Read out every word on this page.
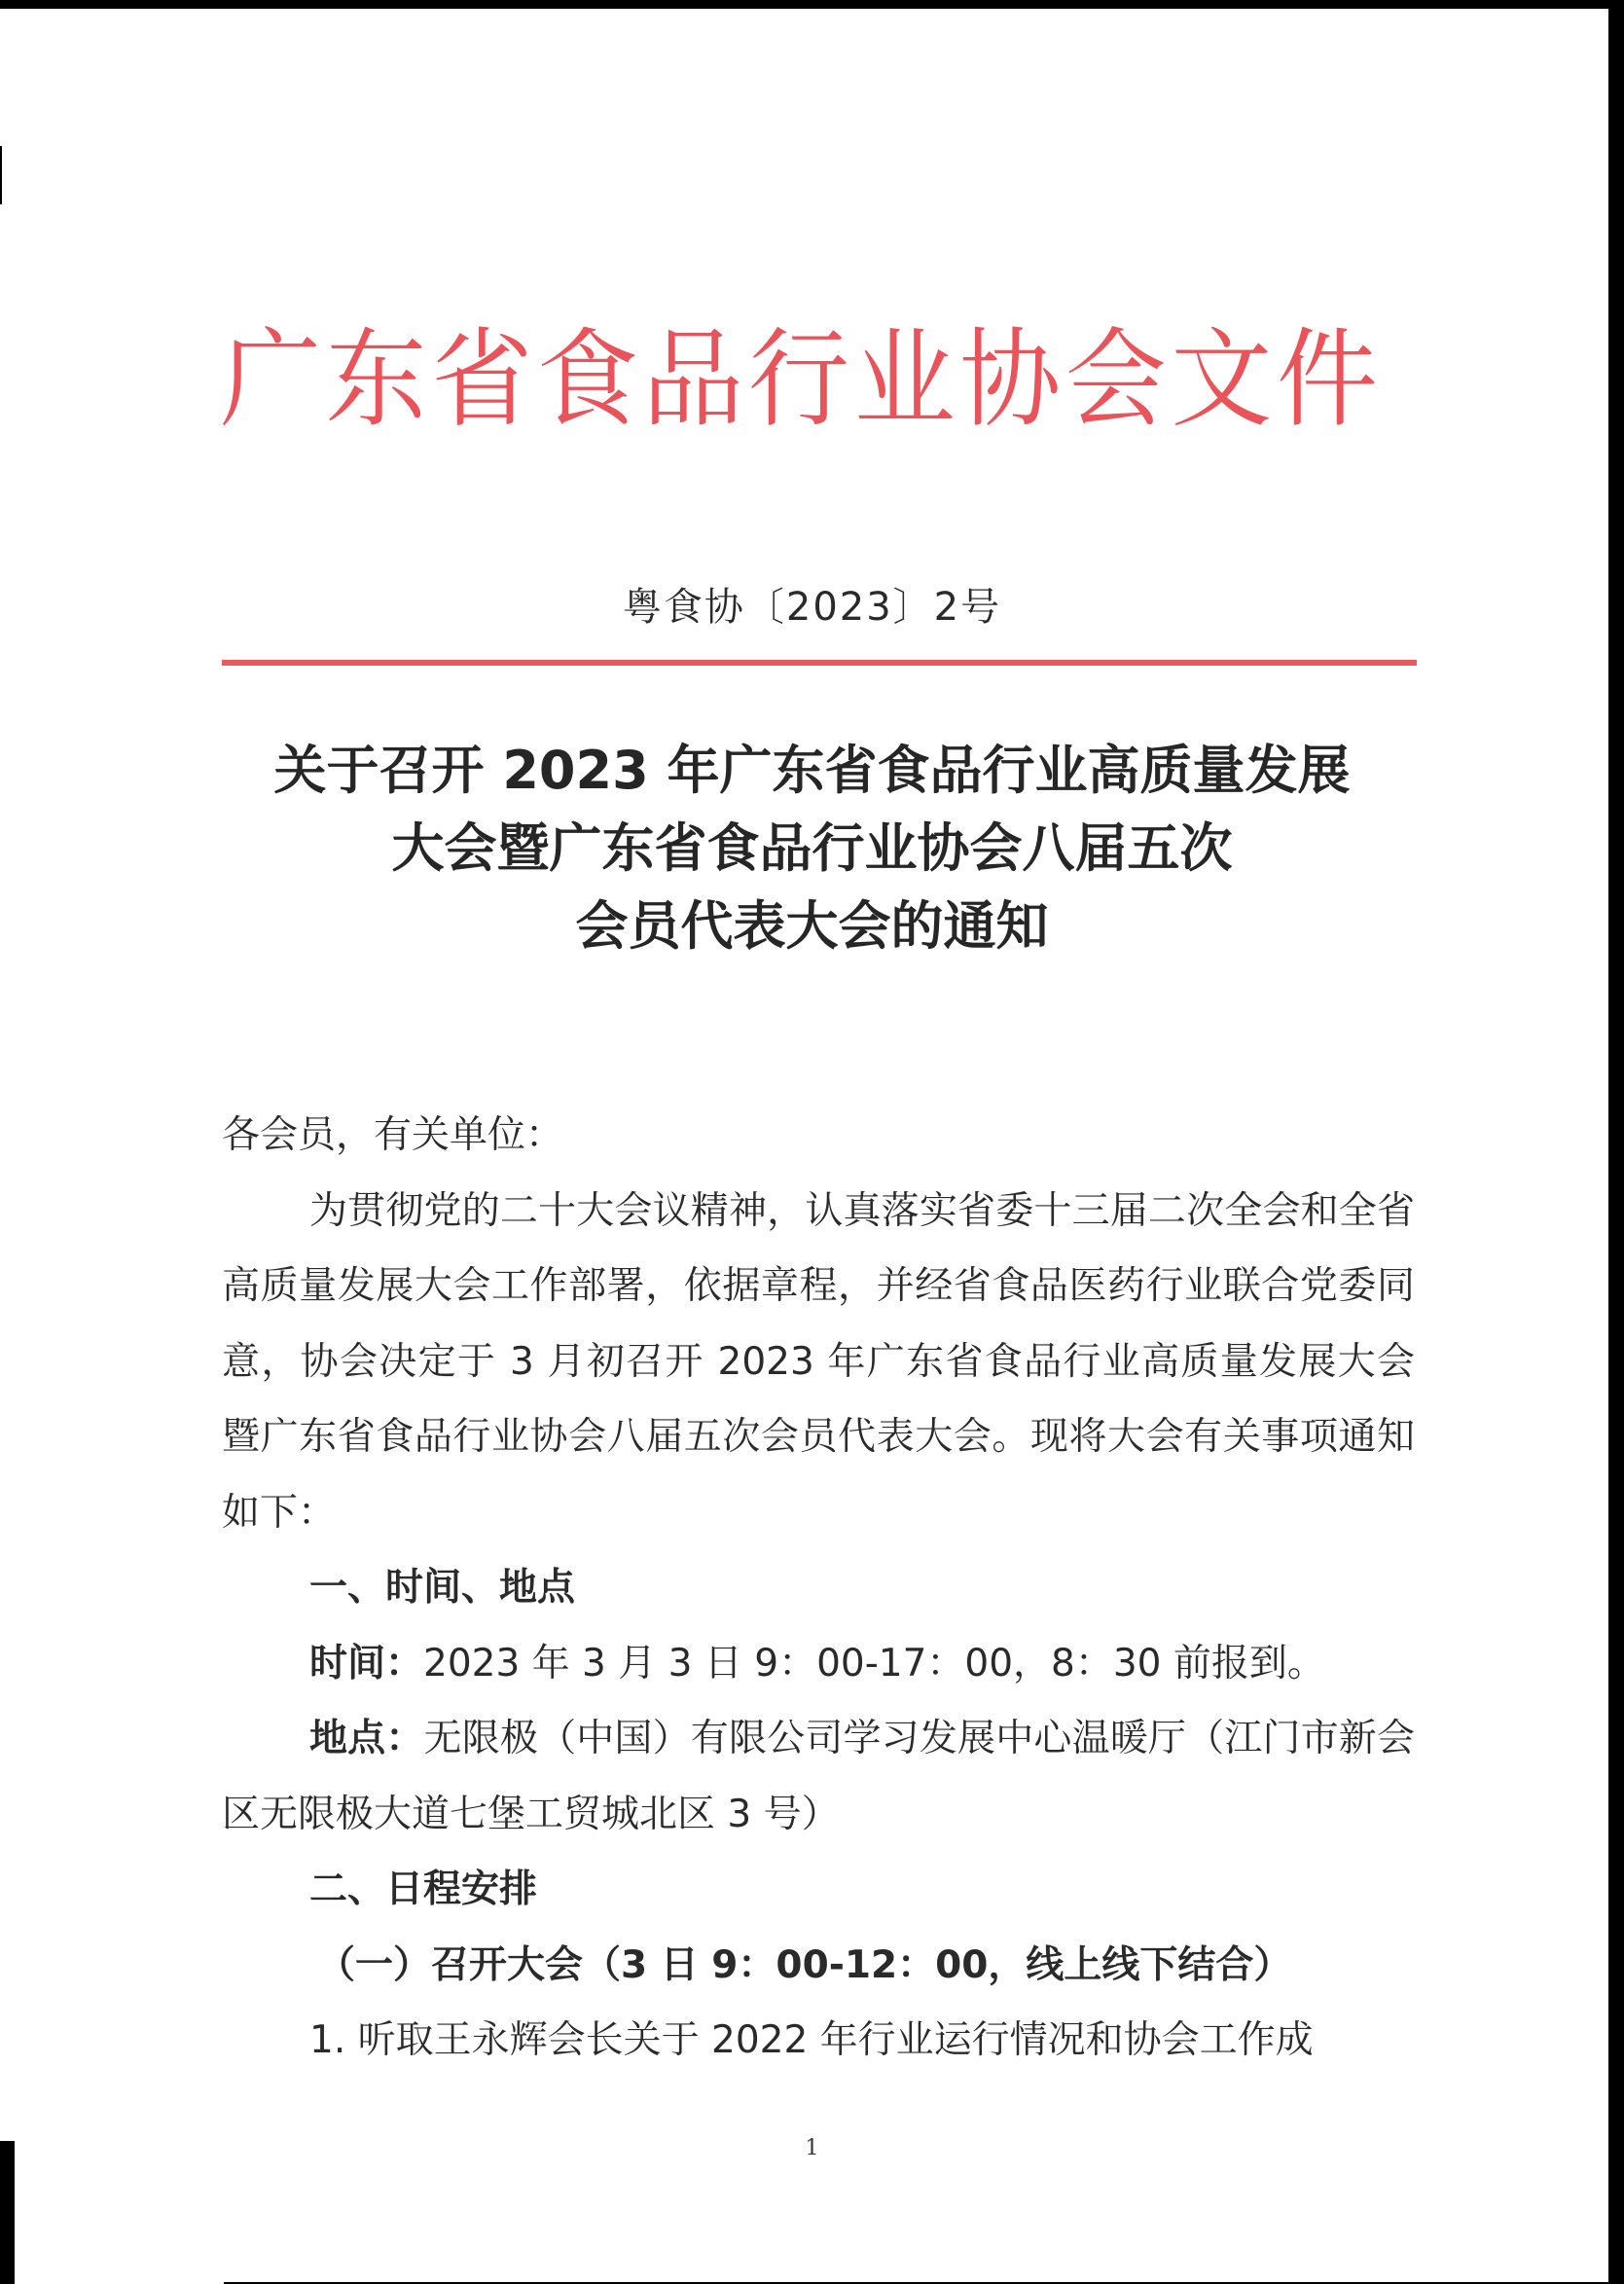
广东省食品行业协会文件
粤食协〔2023〕2号
关于召开 2023 年广东省食品行业高质量发展
大会暨广东省食品行业协会八届五次
会员代表大会的通知

各会员，有关单位：

为贯彻党的二十大会议精神，认真落实省委十三届二次全会和全省高质量发展大会工作部署，依据章程，并经省食品医药行业联合党委同意，协会决定于 3 月初召开 2023 年广东省食品行业高质量发展大会暨广东省食品行业协会八届五次会员代表大会。现将大会有关事项通知如下：

一、时间、地点

时间：2023 年 3 月 3 日 9：00-17：00，8：30 前报到。

地点：无限极（中国）有限公司学习发展中心温暖厅（江门市新会区无限极大道七堡工贸城北区 3 号）

二、日程安排

（一）召开大会（3 日 9：00-12：00，线上线下结合）

1. 听取王永辉会长关于 2022 年行业运行情况和协会工作成

1
